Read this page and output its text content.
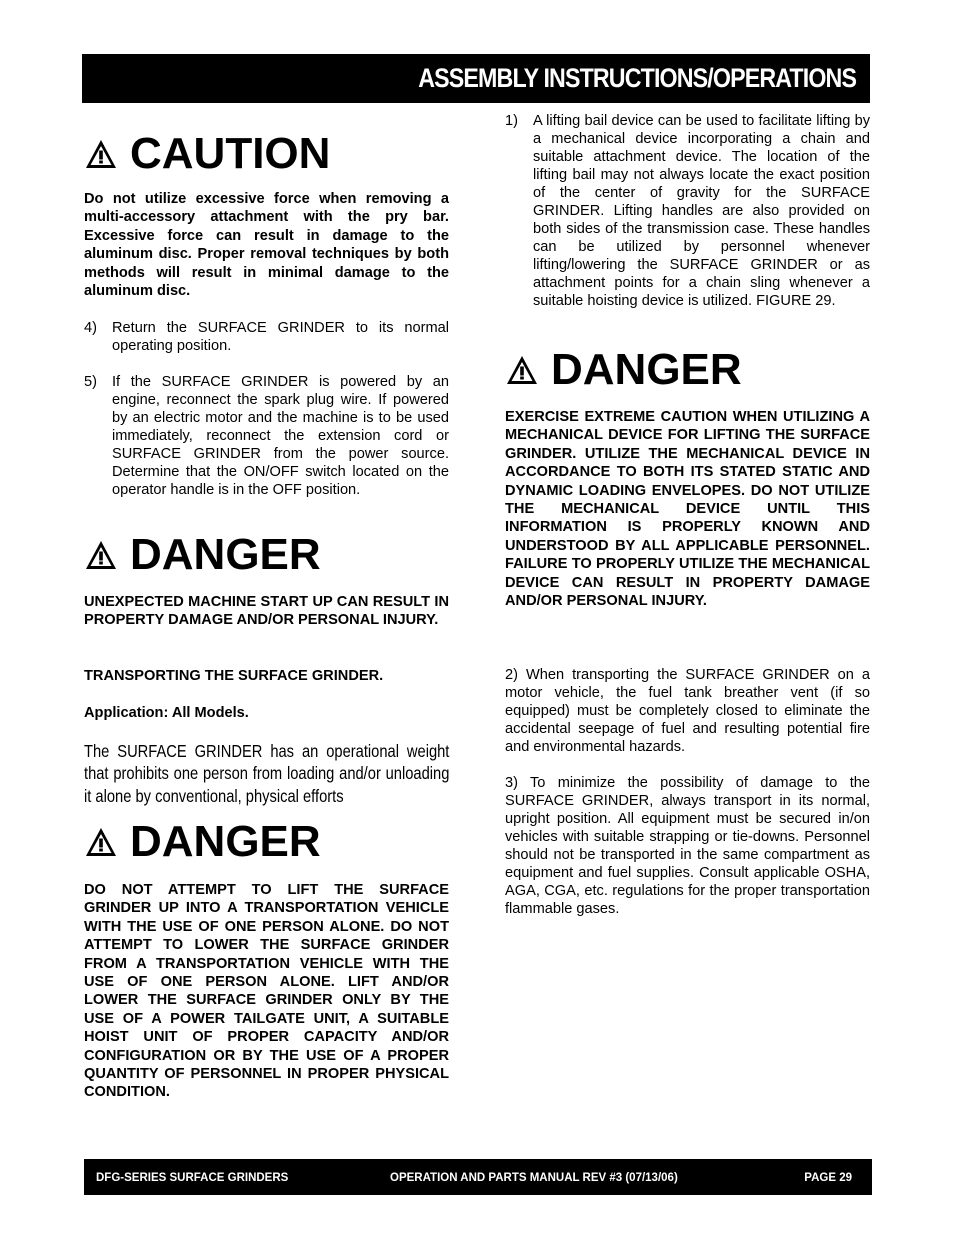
ASSEMBLY INSTRUCTIONS/OPERATIONS
CAUTION
Do not utilize excessive force when removing a multi-accessory attachment with the pry bar. Excessive force can result in damage to the aluminum disc. Proper removal techniques by both methods will result in minimal damage to the aluminum disc.
4) Return the SURFACE GRINDER to its normal operating position.
5) If the SURFACE GRINDER is powered by an engine, reconnect the spark plug wire. If powered by an electric motor and the machine is to be used immediately, reconnect the extension cord or SURFACE GRINDER from the power source. Determine that the ON/OFF switch located on the operator handle is in the OFF position.
DANGER
UNEXPECTED MACHINE START UP CAN RESULT IN PROPERTY DAMAGE AND/OR PERSONAL INJURY.
TRANSPORTING THE SURFACE GRINDER.
Application: All Models.
The SURFACE GRINDER has an operational weight that prohibits one person from loading and/or unloading it alone by conventional, physical efforts
DANGER
DO NOT ATTEMPT TO LIFT THE SURFACE GRINDER UP INTO A TRANSPORTATION VEHICLE WITH THE USE OF ONE PERSON ALONE. DO NOT ATTEMPT TO LOWER THE SURFACE GRINDER FROM A TRANSPORTATION VEHICLE WITH THE USE OF ONE PERSON ALONE. LIFT AND/OR LOWER THE SURFACE GRINDER ONLY BY THE USE OF A POWER TAILGATE UNIT, A SUITABLE HOIST UNIT OF PROPER CAPACITY AND/OR CONFIGURATION OR BY THE USE OF A PROPER QUANTITY OF PERSONNEL IN PROPER PHYSICAL CONDITION.
1) A lifting bail device can be used to facilitate lifting by a mechanical device incorporating a chain and suitable attachment device. The location of the lifting bail may not always locate the exact position of the center of gravity for the SURFACE GRINDER. Lifting handles are also provided on both sides of the transmission case. These handles can be utilized by personnel whenever lifting/lowering the SURFACE GRINDER or as attachment points for a chain sling whenever a suitable hoisting device is utilized. FIGURE 29.
DANGER
EXERCISE EXTREME CAUTION WHEN UTILIZING A MECHANICAL DEVICE FOR LIFTING THE SURFACE GRINDER. UTILIZE THE MECHANICAL DEVICE IN ACCORDANCE TO BOTH ITS STATED STATIC AND DYNAMIC LOADING ENVELOPES. DO NOT UTILIZE THE MECHANICAL DEVICE UNTIL THIS INFORMATION IS PROPERLY KNOWN AND UNDERSTOOD BY ALL APPLICABLE PERSONNEL. FAILURE TO PROPERLY UTILIZE THE MECHANICAL DEVICE CAN RESULT IN PROPERTY DAMAGE AND/OR PERSONAL INJURY.
2) When transporting the SURFACE GRINDER on a motor vehicle, the fuel tank breather vent (if so equipped) must be completely closed to eliminate the accidental seepage of fuel and resulting potential fire and environmental hazards.
3) To minimize the possibility of damage to the SURFACE GRINDER, always transport in its normal, upright position. All equipment must be secured in/on vehicles with suitable strapping or tie-downs. Personnel should not be transported in the same compartment as equipment and fuel supplies. Consult applicable OSHA, AGA, CGA, etc. regulations for the proper transportation flammable gases.
DFG-SERIES SURFACE GRINDERS	OPERATION AND PARTS MANUAL REV #3 (07/13/06)	PAGE 29
